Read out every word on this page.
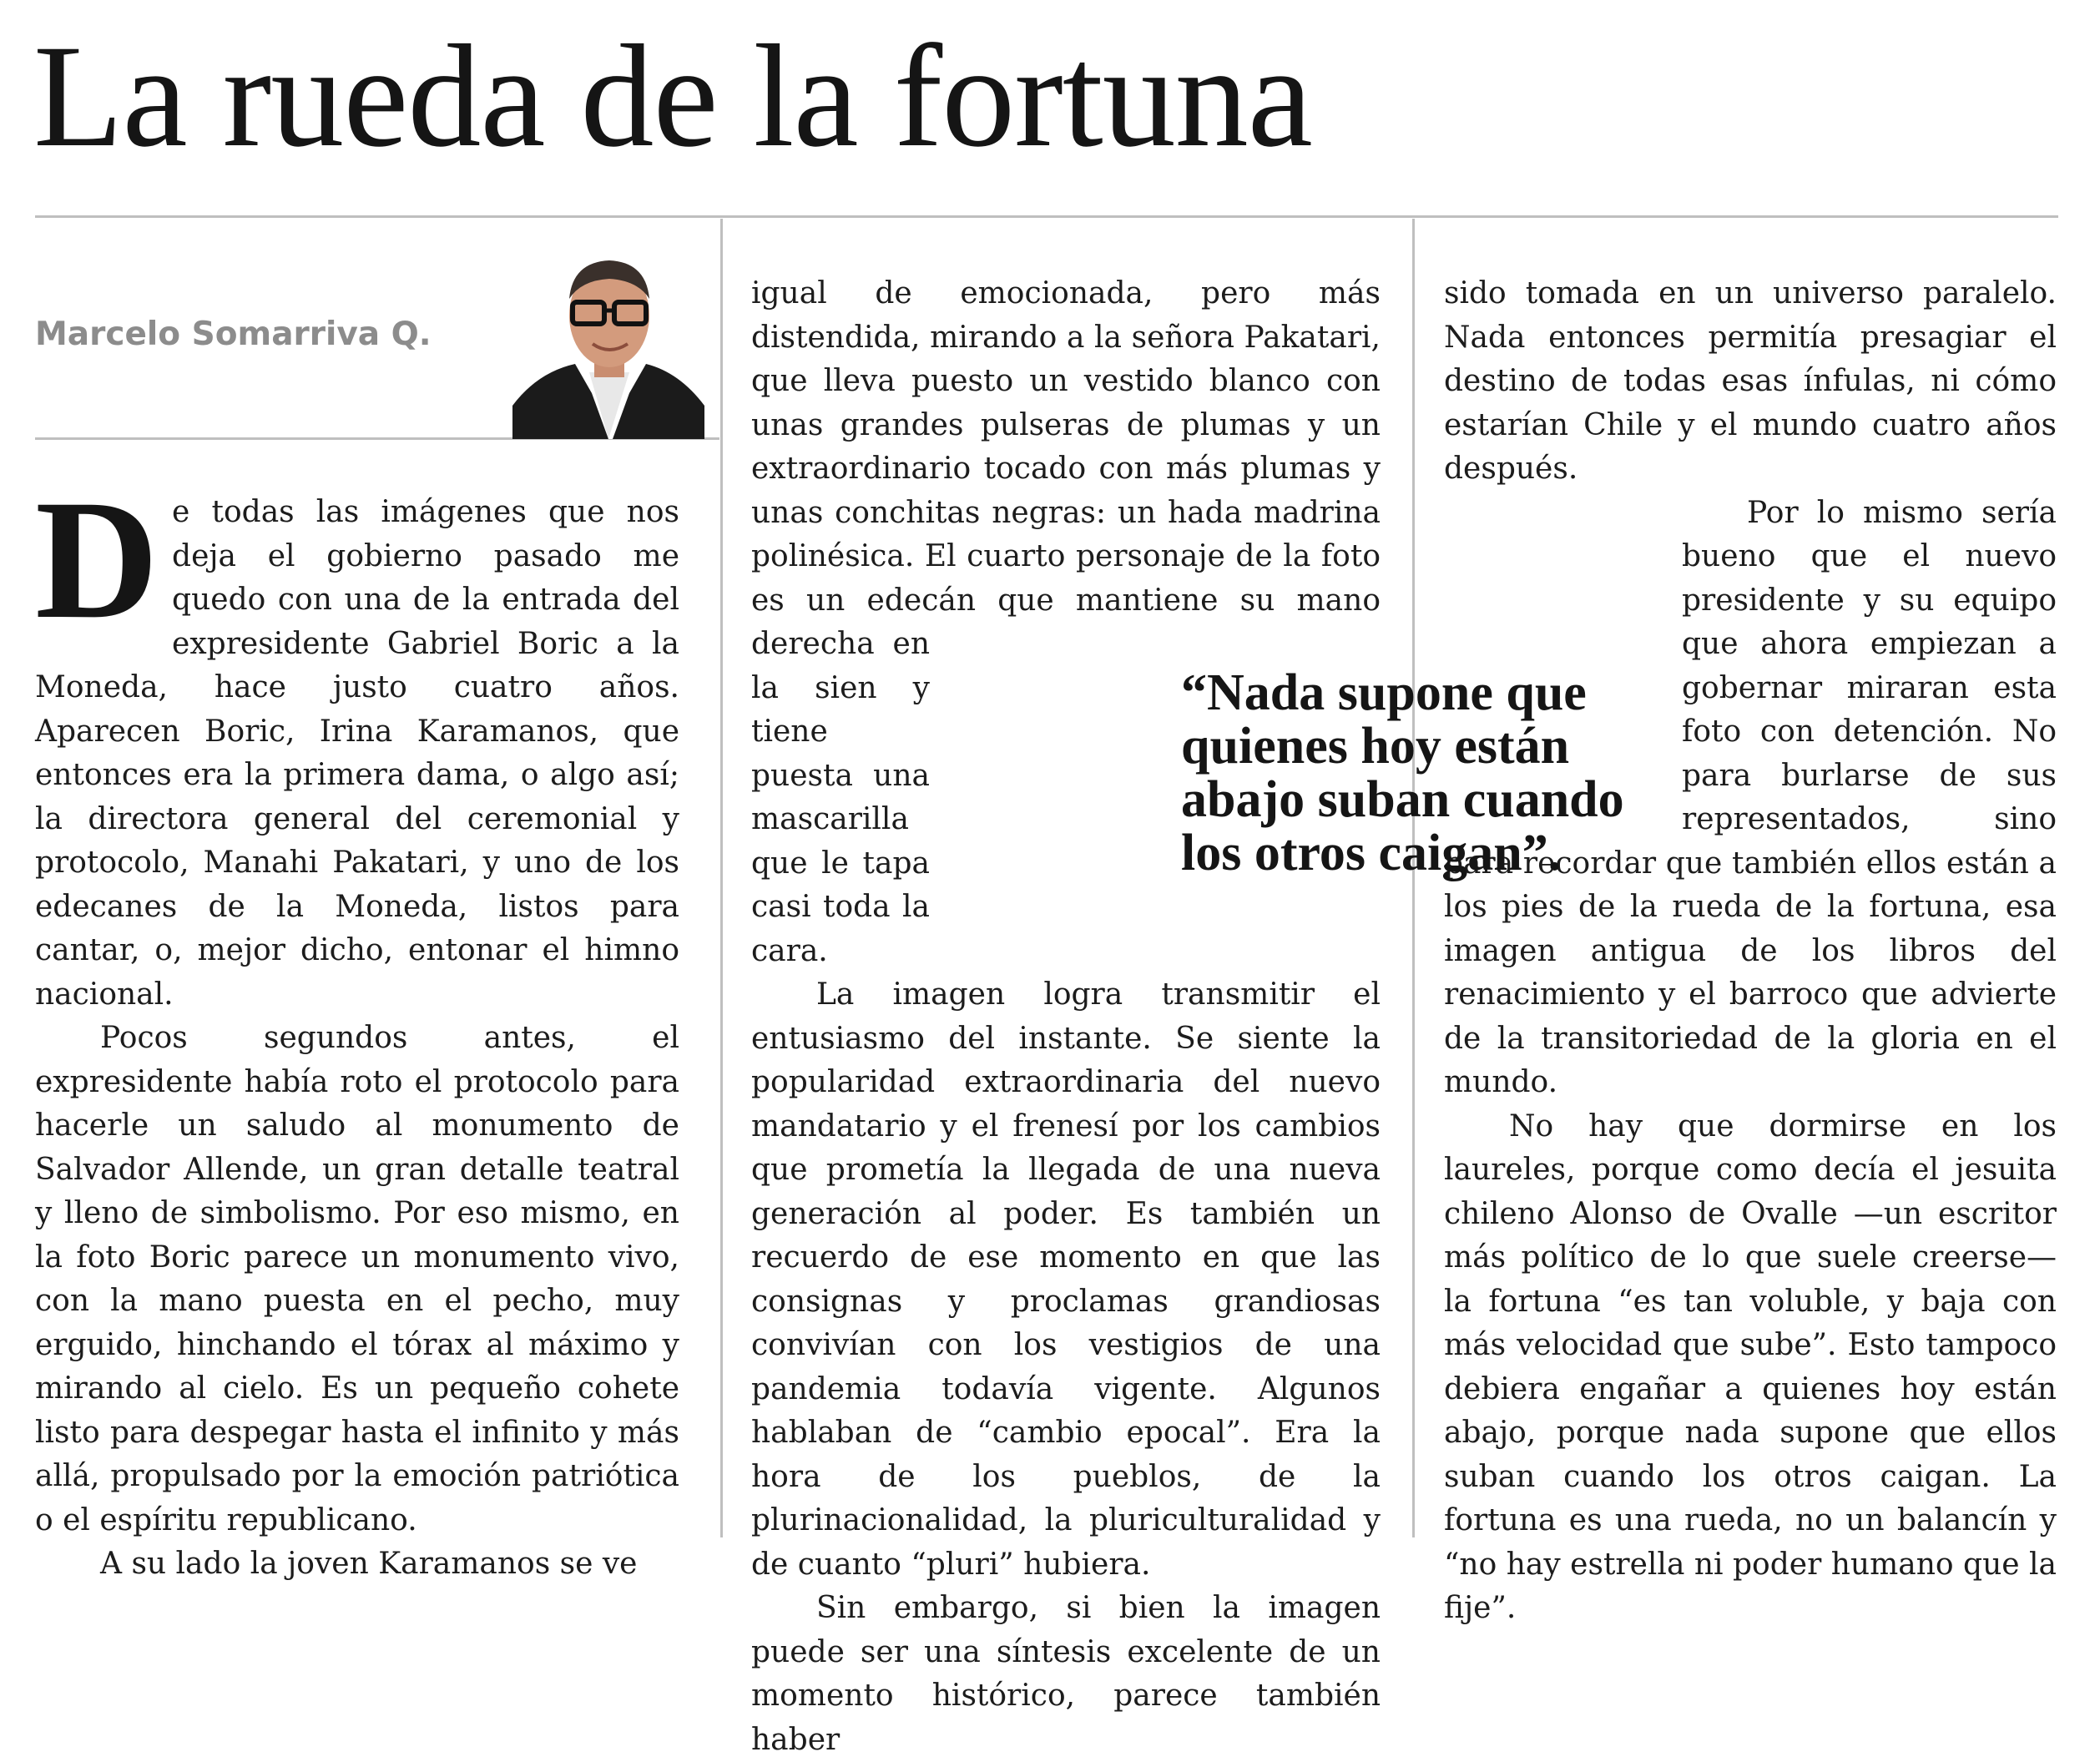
La rueda de la fortuna
Marcelo Somarriva Q.

De todas las imágenes que nos deja el gobierno pasado me quedo con una de la entrada del expresidente Gabriel Boric a la Moneda, hace justo cuatro años. Aparecen Boric, Irina Karamanos, que entonces era la primera dama, o algo así; la directora general del ceremonial y protocolo, Manahi Pakatari, y uno de los edecanes de la Moneda, listos para cantar, o, mejor dicho, entonar el himno nacional.

Pocos segundos antes, el expresidente había roto el protocolo para hacerle un saludo al monumento de Salvador Allende, un gran detalle teatral y lleno de simbolismo. Por eso mismo, en la foto Boric parece un monumento vivo, con la mano puesta en el pecho, muy erguido, hinchando el tórax al máximo y mirando al cielo. Es un pequeño cohete listo para despegar hasta el infinito y más allá, propulsado por la emoción patriótica o el espíritu republicano.

A su lado la joven Karamanos se ve

igual de emocionada, pero más distendida, mirando a la señora Pakatari, que lleva puesto un vestido blanco con unas grandes pulseras de plumas y un extraordinario tocado con más plumas y unas conchitas negras: un hada madrina polinésica. El cuarto personaje de la foto es un edecán que mantiene su mano derecha en la sien y tiene puesta una mascarilla que le tapa casi toda la cara.

La imagen logra transmitir el entusiasmo del instante. Se siente la popularidad extraordinaria del nuevo mandatario y el frenesí por los cambios que prometía la llegada de una nueva generación al poder. Es también un recuerdo de ese momento en que las consignas y proclamas grandiosas convivían con los vestigios de una pandemia todavía vigente. Algunos hablaban de “cambio epocal”. Era la hora de los pueblos, de la plurinacionalidad, la pluriculturalidad y de cuanto “pluri” hubiera.

Sin embargo, si bien la imagen puede ser una síntesis excelente de un momento histórico, parece también haber

sido tomada en un universo paralelo. Nada entonces permitía presagiar el destino de todas esas ínfulas, ni cómo estarían Chile y el mundo cuatro años después.

Por lo mismo sería bueno que el nuevo presidente y su equipo que ahora empiezan a gobernar miraran esta foto con detención. No para burlarse de sus representados, sino para recordar que también ellos están a los pies de la rueda de la fortuna, esa imagen antigua de los libros del renacimiento y el barroco que advierte de la transitoriedad de la gloria en el mundo.

No hay que dormirse en los laureles, porque como decía el jesuita chileno Alonso de Ovalle —un escritor más político de lo que suele creerse— la fortuna “es tan voluble, y baja con más velocidad que sube”. Esto tampoco debiera engañar a quienes hoy están abajo, porque nada supone que ellos suban cuando los otros caigan. La fortuna es una rueda, no un balancín y “no hay estrella ni poder humano que la fije”.

“Nada supone que quienes hoy están abajo suban cuando los otros caigan”.
